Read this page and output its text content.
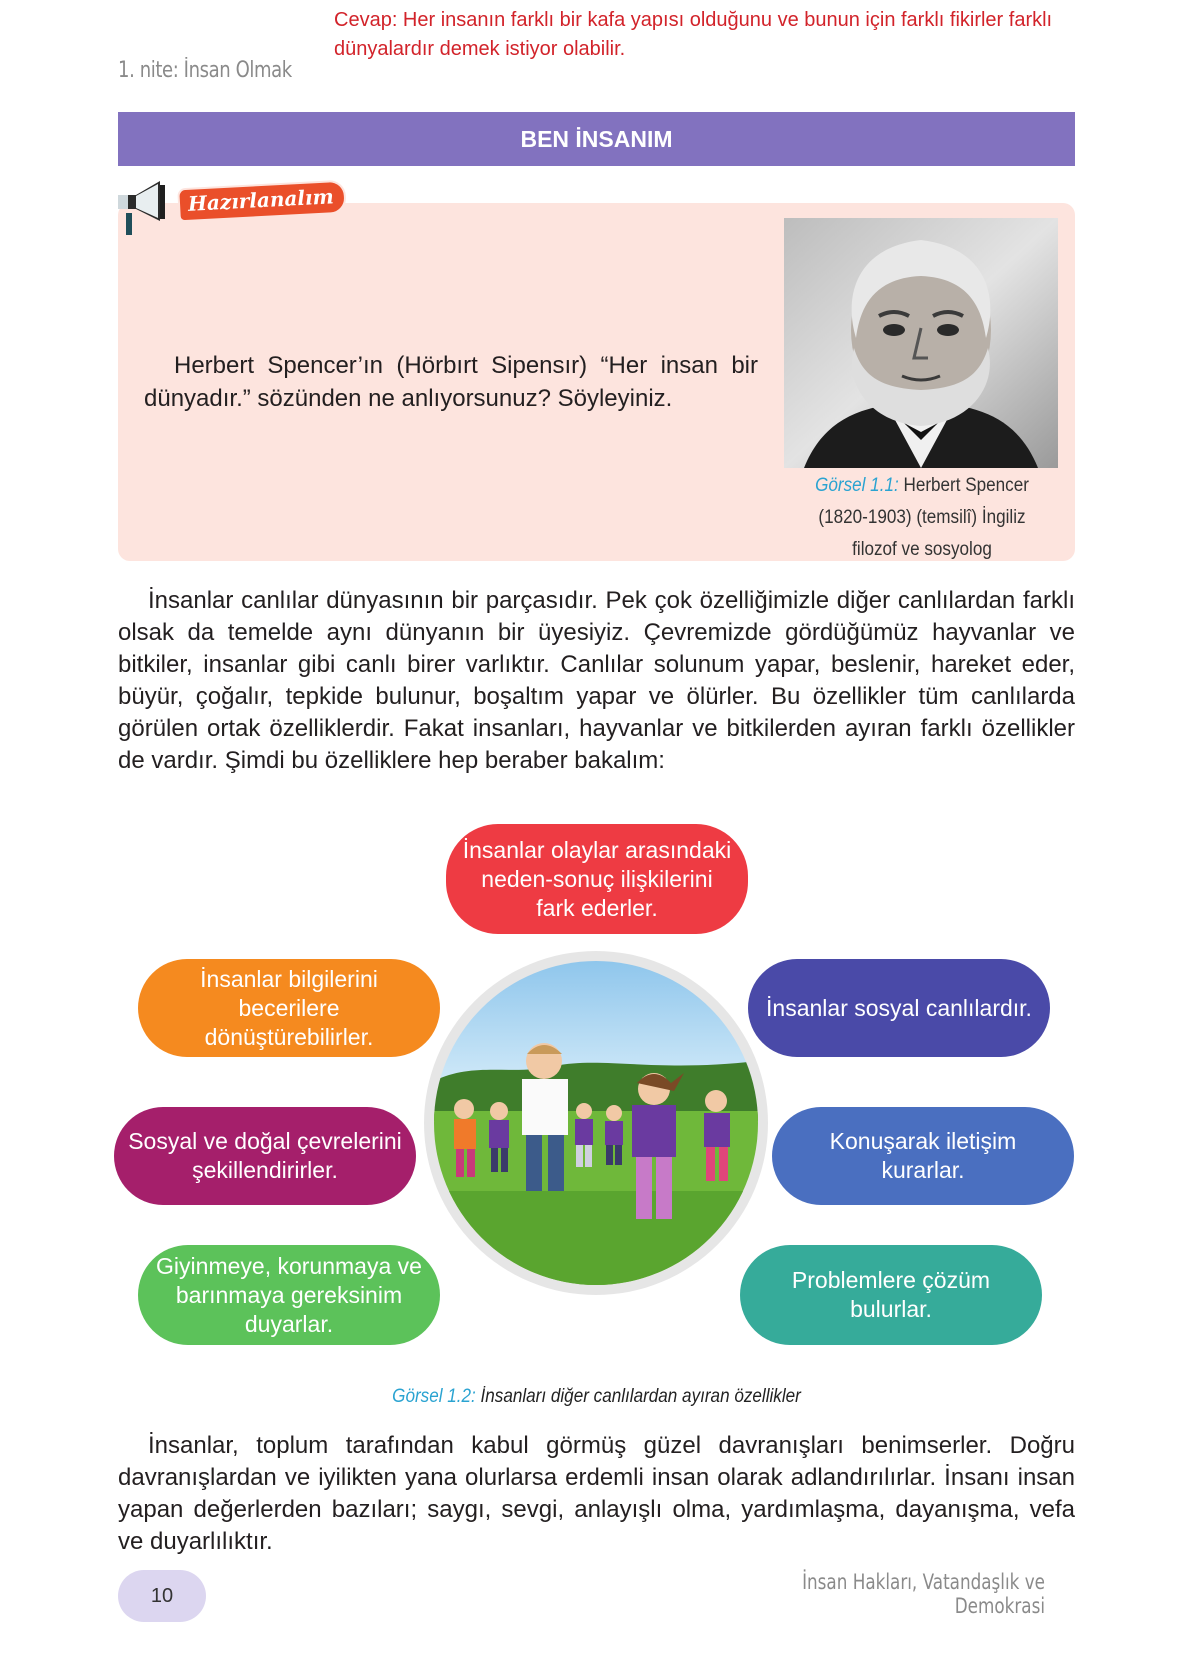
Cevap: Her insanın farklı bir kafa yapısı olduğunu ve bunun için farklı fikirler farklı dünyalardır demek istiyor olabilir.
1. nite: İnsan Olmak
BEN İNSANIM
Hazırlanalım
Herbert Spencer’ın (Hörbırt Sipensır) “Her insan bir dünyadır.” sözünden ne anlıyorsunuz? Söyleyiniz.
Görsel 1.1: Herbert Spencer (1820-1903) (temsilî) İngiliz filozof ve sosyolog
İnsanlar canlılar dünyasının bir parçasıdır. Pek çok özelliğimizle diğer canlılardan farklı olsak da temelde aynı dünyanın bir üyesiyiz. Çevremizde gördüğümüz hayvanlar ve bitkiler, insanlar gibi canlı birer varlıktır. Canlılar solunum yapar, beslenir, hareket eder, büyür, çoğalır, tepkide bulunur, boşaltım yapar ve ölürler. Bu özellikler tüm canlılarda görülen ortak özelliklerdir. Fakat insanları, hayvanlar ve bitkilerden ayıran farklı özellikler de vardır. Şimdi bu özelliklere hep beraber bakalım:
İnsanlar olaylar arasındaki neden-sonuç ilişkilerini fark ederler.
İnsanlar bilgilerini becerilere dönüştürebilirler.
Sosyal ve doğal çevrelerini şekillendirirler.
Giyinmeye, korunmaya ve barınmaya gereksinim duyarlar.
İnsanlar sosyal canlılardır.
Konuşarak iletişim kurarlar.
Problemlere çözüm bulurlar.
Görsel 1.2: İnsanları diğer canlılardan ayıran özellikler
İnsanlar, toplum tarafından kabul görmüş güzel davranışları benimserler. Doğru davranışlardan ve iyilikten yana olurlarsa erdemli insan olarak adlandırılırlar. İnsanı insan yapan değerlerden bazıları; saygı, sevgi, anlayışlı olma, yardımlaşma, dayanışma, vefa ve duyarlılıktır.
10
İnsan Hakları, Vatandaşlık ve Demokrasi
